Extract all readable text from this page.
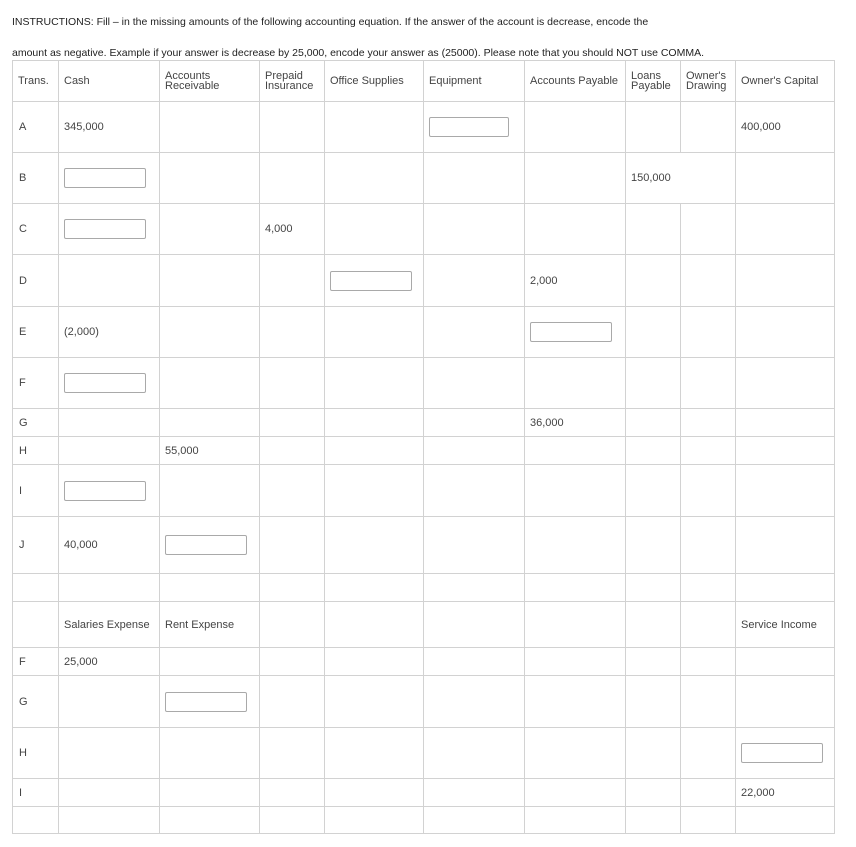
INSTRUCTIONS: Fill – in the missing amounts of the following accounting equation. If the answer of the account is decrease, encode the
amount as negative. Example if your answer is decrease by 25,000, encode your answer as (25000). Please note that you should NOT use COMMA.
Trans.	Cash	Accounts Receivable	Prepaid Insurance	Office Supplies	Equipment	Accounts Payable	Loans Payable	Owner's Drawing	Owner's Capital
A	345,000								400,000
B							150,000		
C			4,000						
D						2,000			
E	(2,000)					

F	

G						36,000			
H		55,000							
I	

J	40,000	

	Salaries Expense	Rent Expense							Service Income
F	25,000								
G		

H									

I									22,000
